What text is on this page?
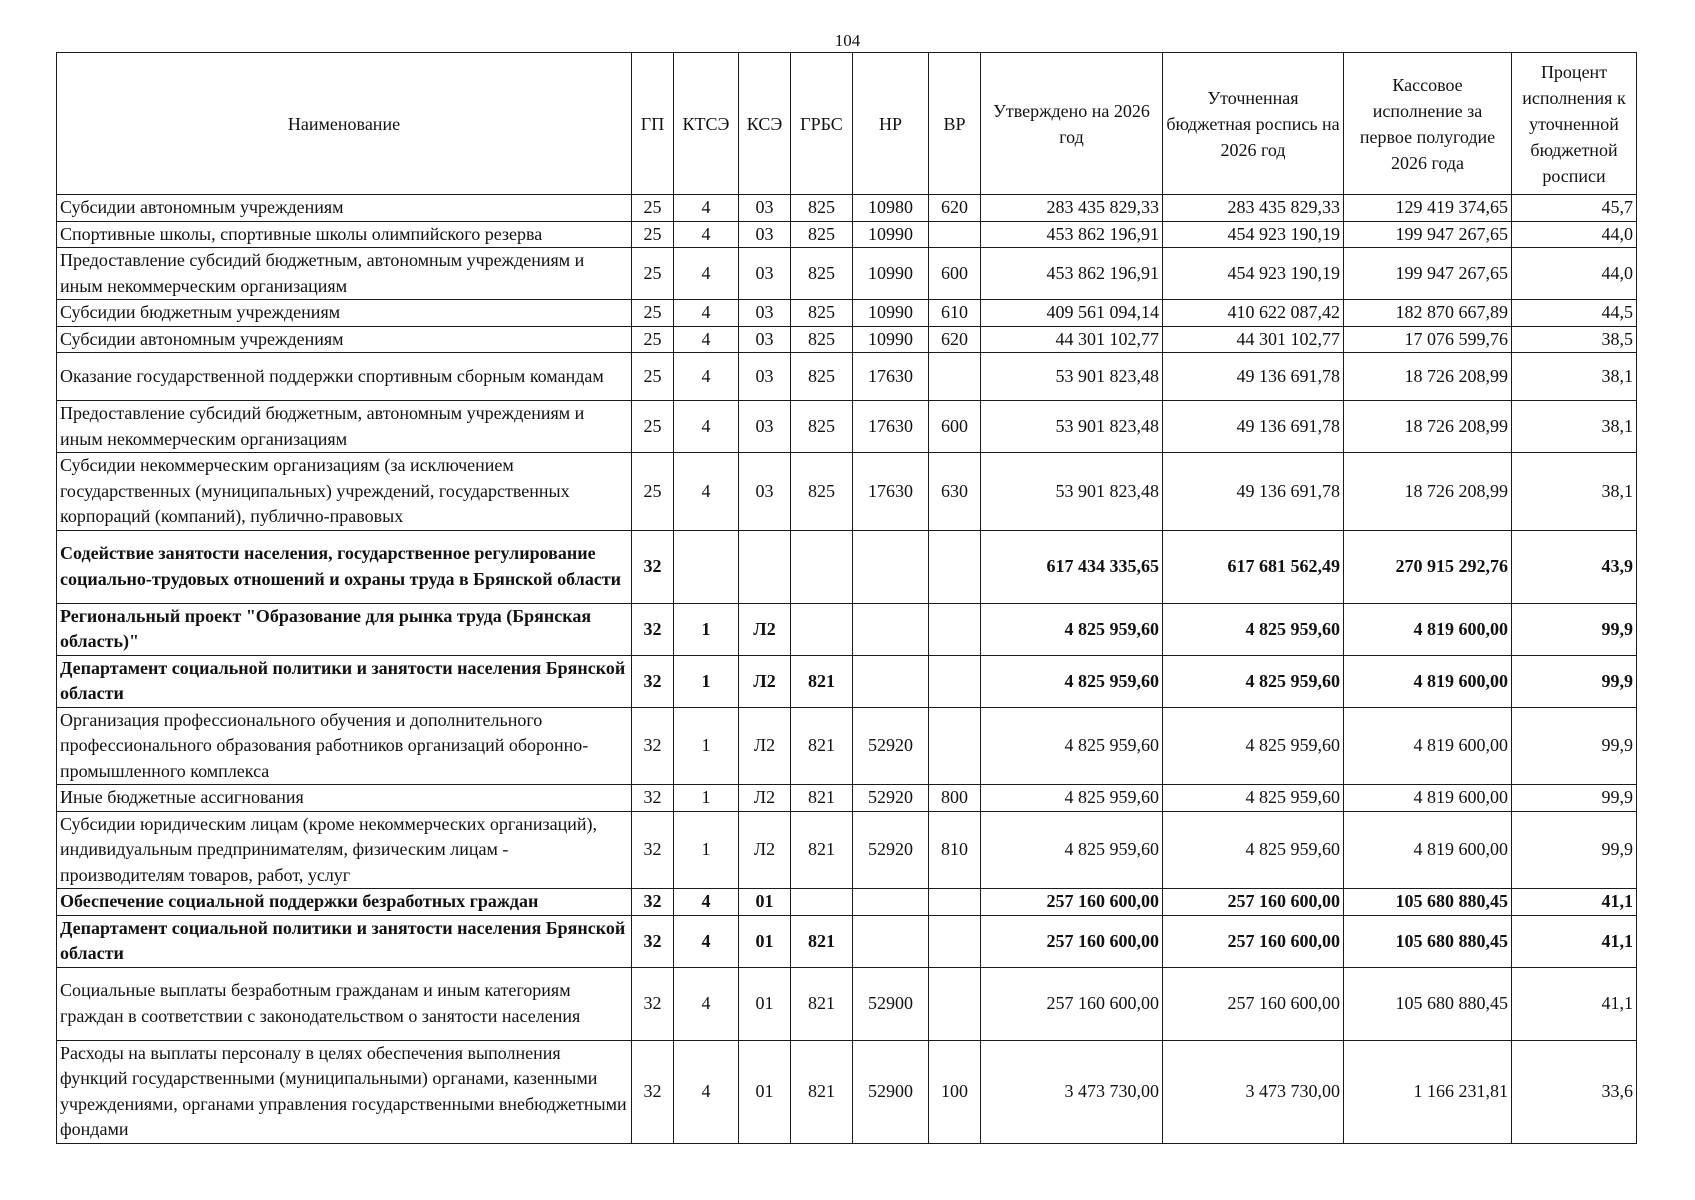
104
Наименование	ГП	КТСЭ	КСЭ	ГРБС	НР	ВР	Утверждено на 2026 год	Уточненная бюджетная роспись на 2026 год	Кассовое исполнение за первое полугодие 2026 года	Процент исполнения к уточненной бюджетной росписи
Субсидии автономным учреждениям	25	4	03	825	10980	620	283 435 829,33	283 435 829,33	129 419 374,65	45,7
Спортивные школы, спортивные школы олимпийского резерва	25	4	03	825	10990		453 862 196,91	454 923 190,19	199 947 267,65	44,0
Предоставление субсидий бюджетным, автономным учреждениям и иным некоммерческим организациям	25	4	03	825	10990	600	453 862 196,91	454 923 190,19	199 947 267,65	44,0
Субсидии бюджетным учреждениям	25	4	03	825	10990	610	409 561 094,14	410 622 087,42	182 870 667,89	44,5
Субсидии автономным учреждениям	25	4	03	825	10990	620	44 301 102,77	44 301 102,77	17 076 599,76	38,5
Оказание государственной поддержки спортивным сборным командам	25	4	03	825	17630		53 901 823,48	49 136 691,78	18 726 208,99	38,1
Предоставление субсидий бюджетным, автономным учреждениям и иным некоммерческим организациям	25	4	03	825	17630	600	53 901 823,48	49 136 691,78	18 726 208,99	38,1
Субсидии некоммерческим организациям (за исключением государственных (муниципальных) учреждений, государственных корпораций (компаний), публично-правовых	25	4	03	825	17630	630	53 901 823,48	49 136 691,78	18 726 208,99	38,1
Содействие занятости населения, государственное регулирование социально-трудовых отношений и охраны труда в Брянской области	32						617 434 335,65	617 681 562,49	270 915 292,76	43,9
Региональный проект "Образование для рынка труда (Брянская область)"	32	1	Л2				4 825 959,60	4 825 959,60	4 819 600,00	99,9
Департамент социальной политики и занятости населения Брянской области	32	1	Л2	821			4 825 959,60	4 825 959,60	4 819 600,00	99,9
Организация профессионального обучения и дополнительного профессионального образования работников организаций оборонно-промышленного комплекса	32	1	Л2	821	52920		4 825 959,60	4 825 959,60	4 819 600,00	99,9
Иные бюджетные ассигнования	32	1	Л2	821	52920	800	4 825 959,60	4 825 959,60	4 819 600,00	99,9
Субсидии юридическим лицам (кроме некоммерческих организаций), индивидуальным предпринимателям, физическим лицам - производителям товаров, работ, услуг	32	1	Л2	821	52920	810	4 825 959,60	4 825 959,60	4 819 600,00	99,9
Обеспечение социальной поддержки безработных граждан	32	4	01				257 160 600,00	257 160 600,00	105 680 880,45	41,1
Департамент социальной политики и занятости населения Брянской области	32	4	01	821			257 160 600,00	257 160 600,00	105 680 880,45	41,1
Социальные выплаты безработным гражданам и иным категориям граждан в соответствии с законодательством о занятости населения	32	4	01	821	52900		257 160 600,00	257 160 600,00	105 680 880,45	41,1
Расходы на выплаты персоналу в целях обеспечения выполнения функций государственными (муниципальными) органами, казенными учреждениями, органами управления государственными внебюджетными фондами	32	4	01	821	52900	100	3 473 730,00	3 473 730,00	1 166 231,81	33,6
